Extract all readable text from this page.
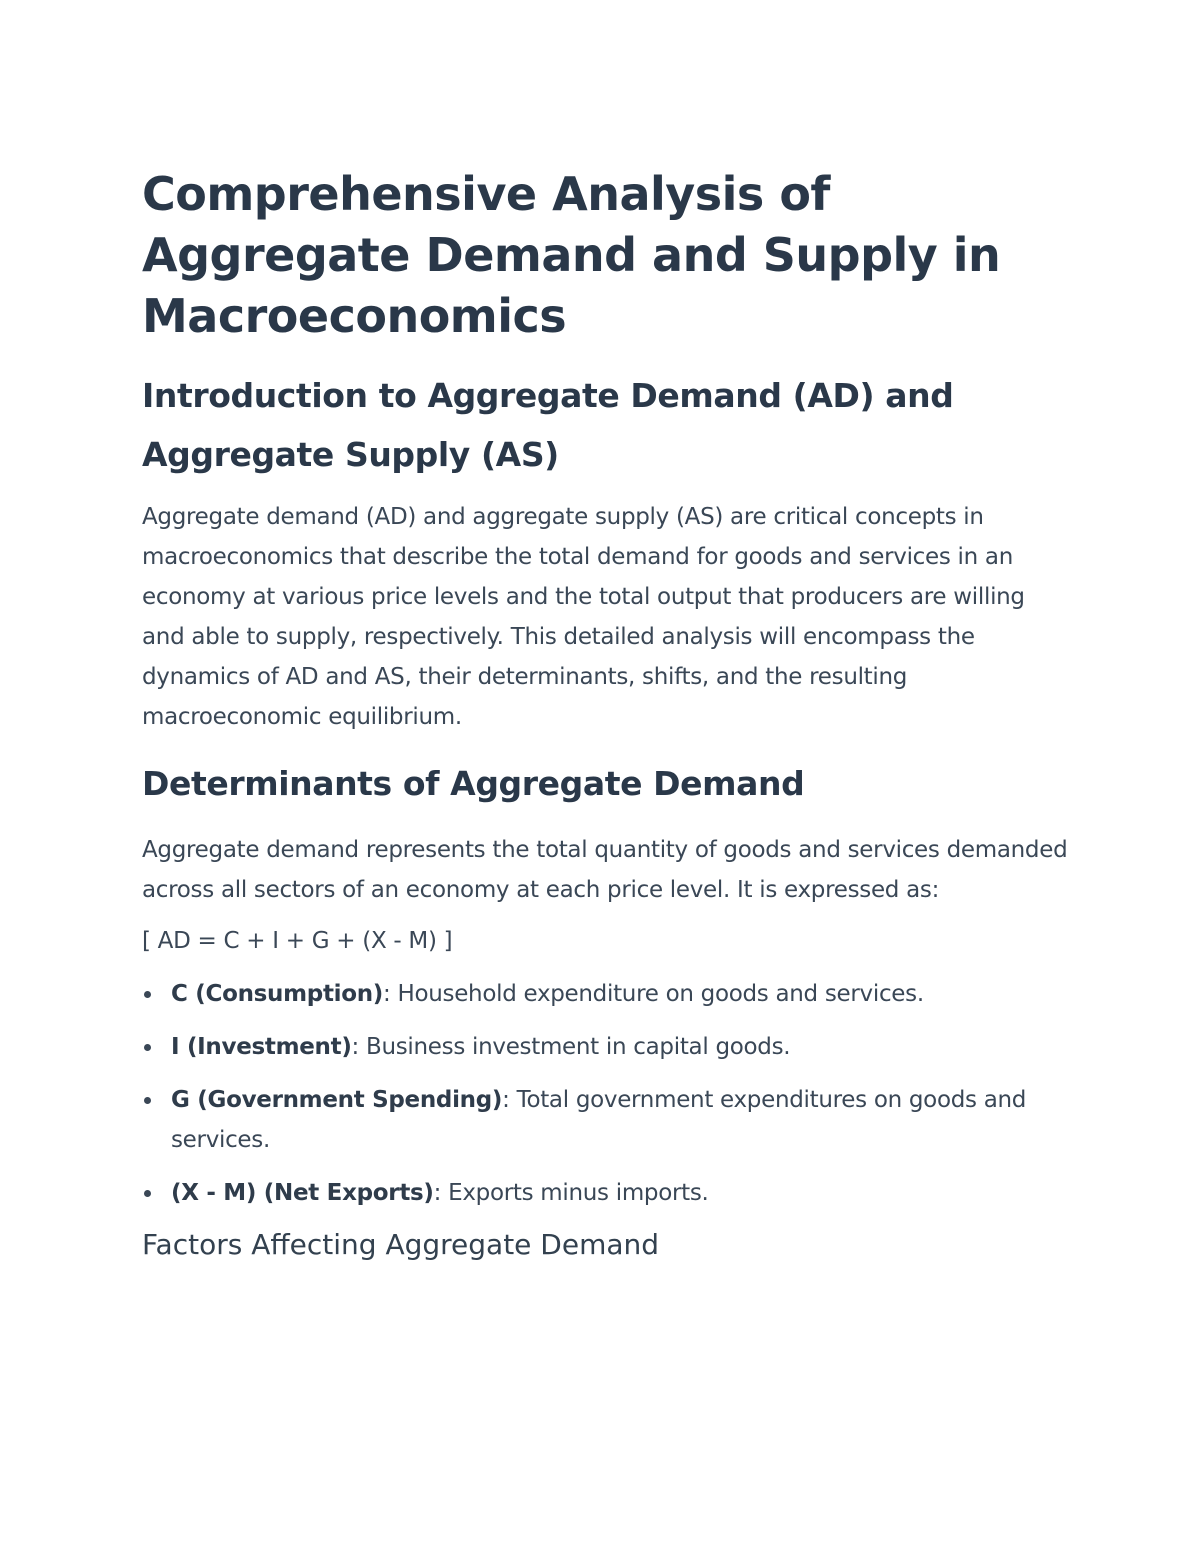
Comprehensive Analysis of Aggregate Demand and Supply in Macroeconomics
Introduction to Aggregate Demand (AD) and Aggregate Supply (AS)

Aggregate demand (AD) and aggregate supply (AS) are critical concepts in macroeconomics that describe the total demand for goods and services in an economy at various price levels and the total output that producers are willing and able to supply, respectively. This detailed analysis will encompass the dynamics of AD and AS, their determinants, shifts, and the resulting macroeconomic equilibrium.

Determinants of Aggregate Demand

Aggregate demand represents the total quantity of goods and services demanded across all sectors of an economy at each price level. It is expressed as:

[ AD = C + I + G + (X - M) ]

C (Consumption): Household expenditure on goods and services.
I (Investment): Business investment in capital goods.
G (Government Spending): Total government expenditures on goods and services.
(X - M) (Net Exports): Exports minus imports.
Factors Affecting Aggregate Demand
